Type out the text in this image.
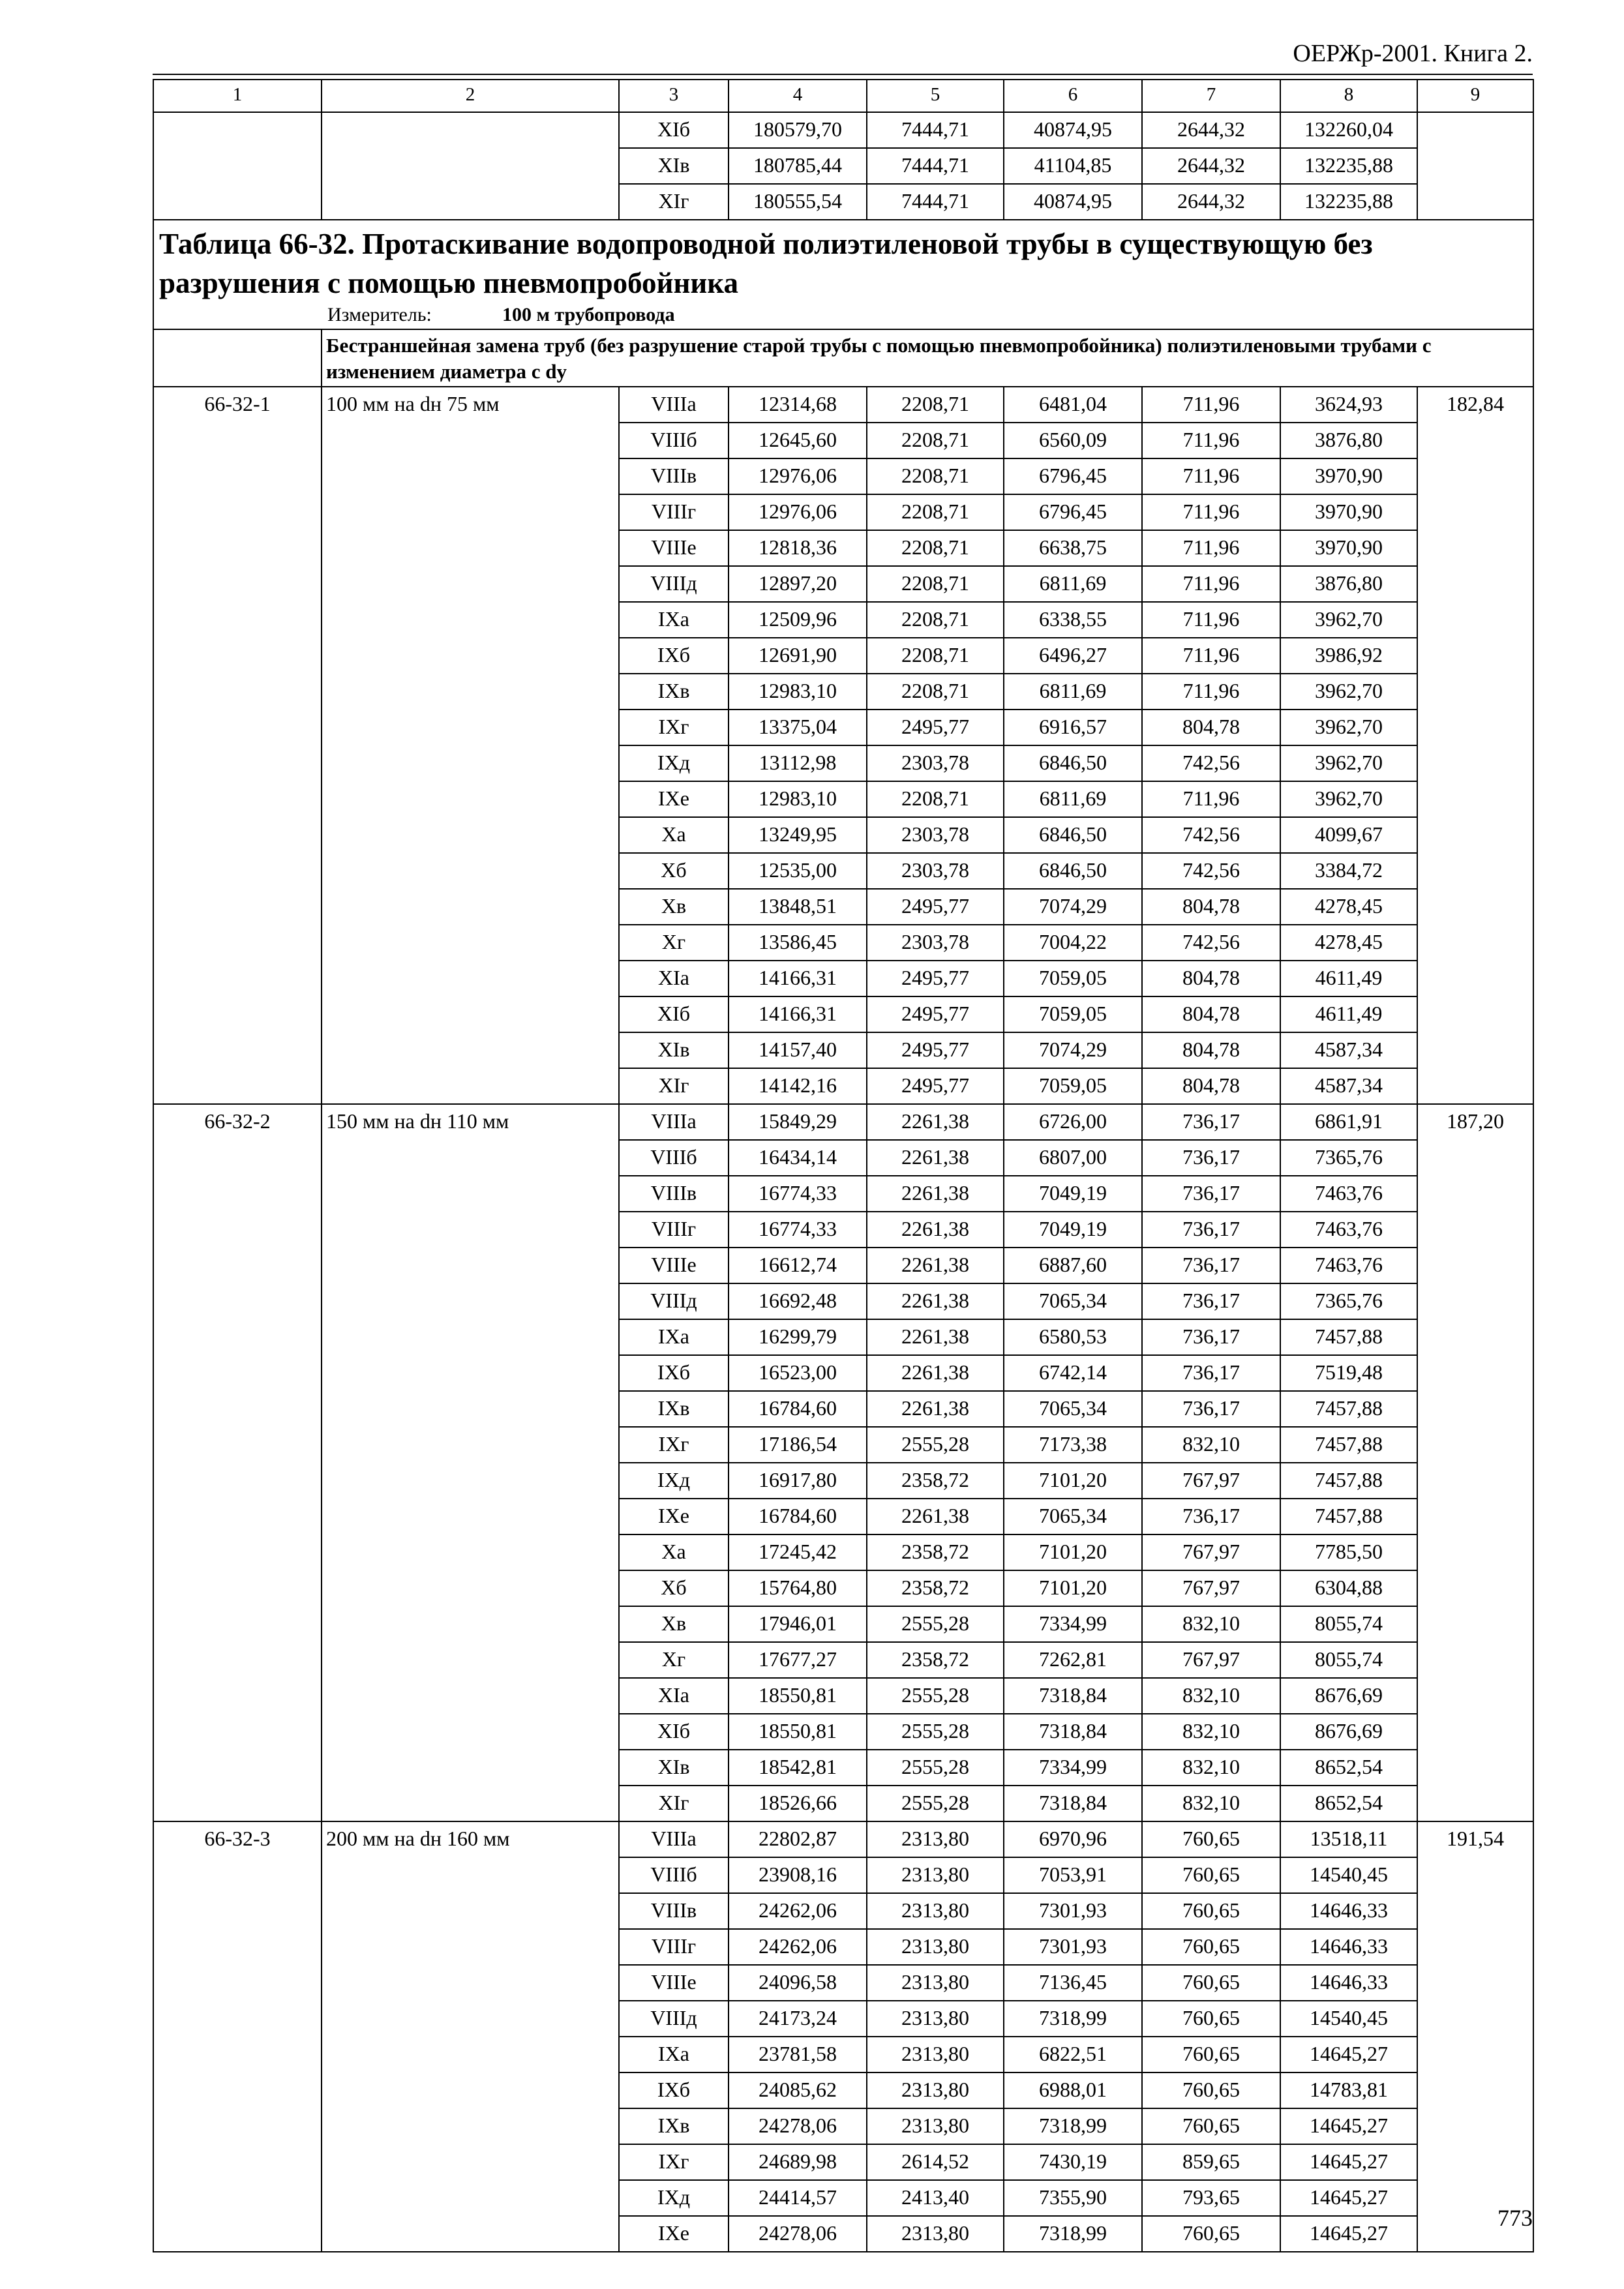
ОЕРЖр-2001. Книга 2.
1	2	3	4	5	6	7	8	9
		XIб	180579,70	7444,71	40874,95	2644,32	132260,04	
		XIв	180785,44	7444,71	41104,85	2644,32	132235,88	
		XIг	180555,54	7444,71	40874,95	2644,32	132235,88	
Таблица 66-32. Протаскивание водопроводной полиэтиленовой трубы в существующую без разрушения с помощью пневмопробойника								
Измеритель: 100 м трубопровода								
	Бестраншейная замена труб (без разрушение старой трубы с помощью пневмопробойника) полиэтиленовыми трубами с изменением диаметра с dу							
66-32-1	100 мм на dн 75 мм	VIIIа	12314,68	2208,71	6481,04	711,96	3624,93	182,84
		VIIIб	12645,60	2208,71	6560,09	711,96	3876,80	
		VIIIв	12976,06	2208,71	6796,45	711,96	3970,90	
		VIIIг	12976,06	2208,71	6796,45	711,96	3970,90	
		VIIIе	12818,36	2208,71	6638,75	711,96	3970,90	
		VIIIд	12897,20	2208,71	6811,69	711,96	3876,80	
		IXа	12509,96	2208,71	6338,55	711,96	3962,70	
		IXб	12691,90	2208,71	6496,27	711,96	3986,92	
		IXв	12983,10	2208,71	6811,69	711,96	3962,70	
		IXг	13375,04	2495,77	6916,57	804,78	3962,70	
		IXд	13112,98	2303,78	6846,50	742,56	3962,70	
		IXе	12983,10	2208,71	6811,69	711,96	3962,70	
		Xа	13249,95	2303,78	6846,50	742,56	4099,67	
		Xб	12535,00	2303,78	6846,50	742,56	3384,72	
		Xв	13848,51	2495,77	7074,29	804,78	4278,45	
		Xг	13586,45	2303,78	7004,22	742,56	4278,45	
		XIа	14166,31	2495,77	7059,05	804,78	4611,49	
		XIб	14166,31	2495,77	7059,05	804,78	4611,49	
		XIв	14157,40	2495,77	7074,29	804,78	4587,34	
		XIг	14142,16	2495,77	7059,05	804,78	4587,34	
66-32-2	150 мм на dн 110 мм	VIIIа	15849,29	2261,38	6726,00	736,17	6861,91	187,20
		VIIIб	16434,14	2261,38	6807,00	736,17	7365,76	
		VIIIв	16774,33	2261,38	7049,19	736,17	7463,76	
		VIIIг	16774,33	2261,38	7049,19	736,17	7463,76	
		VIIIе	16612,74	2261,38	6887,60	736,17	7463,76	
		VIIIд	16692,48	2261,38	7065,34	736,17	7365,76	
		IXа	16299,79	2261,38	6580,53	736,17	7457,88	
		IXб	16523,00	2261,38	6742,14	736,17	7519,48	
		IXв	16784,60	2261,38	7065,34	736,17	7457,88	
		IXг	17186,54	2555,28	7173,38	832,10	7457,88	
		IXд	16917,80	2358,72	7101,20	767,97	7457,88	
		IXе	16784,60	2261,38	7065,34	736,17	7457,88	
		Xа	17245,42	2358,72	7101,20	767,97	7785,50	
		Xб	15764,80	2358,72	7101,20	767,97	6304,88	
		Xв	17946,01	2555,28	7334,99	832,10	8055,74	
		Xг	17677,27	2358,72	7262,81	767,97	8055,74	
		XIа	18550,81	2555,28	7318,84	832,10	8676,69	
		XIб	18550,81	2555,28	7318,84	832,10	8676,69	
		XIв	18542,81	2555,28	7334,99	832,10	8652,54	
		XIг	18526,66	2555,28	7318,84	832,10	8652,54	
66-32-3	200 мм на dн 160 мм	VIIIа	22802,87	2313,80	6970,96	760,65	13518,11	191,54
		VIIIб	23908,16	2313,80	7053,91	760,65	14540,45	
		VIIIв	24262,06	2313,80	7301,93	760,65	14646,33	
		VIIIг	24262,06	2313,80	7301,93	760,65	14646,33	
		VIIIе	24096,58	2313,80	7136,45	760,65	14646,33	
		VIIIд	24173,24	2313,80	7318,99	760,65	14540,45	
		IXа	23781,58	2313,80	6822,51	760,65	14645,27	
		IXб	24085,62	2313,80	6988,01	760,65	14783,81	
		IXв	24278,06	2313,80	7318,99	760,65	14645,27	
		IXг	24689,98	2614,52	7430,19	859,65	14645,27	
		IXд	24414,57	2413,40	7355,90	793,65	14645,27	
		IXе	24278,06	2313,80	7318,99	760,65	14645,27	
773
